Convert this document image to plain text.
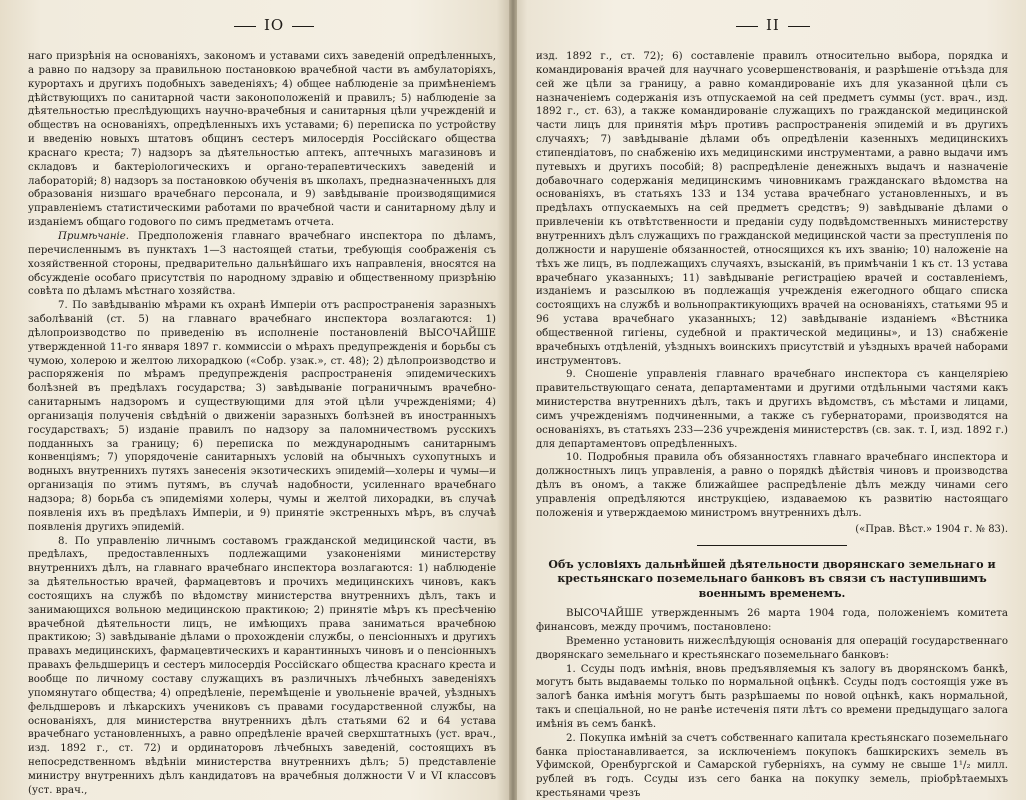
IO

наго призрѣнія на основаніяхъ, закономъ и уставами сихъ заведеній опредѣленныхъ, а равно по надзору за правильною постановкою врачебной части въ амбулаторіяхъ, курортахъ и другихъ подобныхъ заведеніяхъ; 4) общее наблюденіе за примѣненіемъ дѣйствующихъ по санитарной части законоположеній и правилъ; 5) наблюденіе за дѣятельностью преслѣдующихъ научно-врачебныя и санитарныя цѣли учрежденій и обществъ на основаніяхъ, опредѣленныхъ ихъ уставами; 6) переписка по устройству и введенію новыхъ штатовъ общинъ сестеръ милосердія Россійскаго общества краснаго креста; 7) надзоръ за дѣятельностью аптекъ, аптечныхъ магазиновъ и складовъ и бактеріологическихъ и органо-терапевтическихъ заведеній и лабораторій; 8) надзоръ за постановкою обученія въ школахъ, предназначенныхъ для образованія низшаго врачебнаго персонала, и 9) завѣдываніе производящимися управленіемъ статистическими работами по врачебной части и санитарному дѣлу и изданіемъ общаго годового по симъ предметамъ отчета.

Примѣчаніе. Предположенія главнаго врачебнаго инспектора по дѣламъ, перечисленнымъ въ пунктахъ 1—3 настоящей статьи, требующія соображенія съ хозяйственной стороны, предварительно дальнѣйшаго ихъ направленія, вносятся на обсужденіе особаго присутствія по народному здравію и общественному призрѣнію совѣта по дѣламъ мѣстнаго хозяйства.

7. По завѣдыванію мѣрами къ охранѣ Имперіи отъ распространенія заразныхъ заболѣваній (ст. 5) на главнаго врачебнаго инспектора возлагаются: 1) дѣлопроизводство по приведенію въ исполненіе постановленій ВЫСОЧАЙШЕ утвержденной 11-го января 1897 г. коммиссіи о мѣрахъ предупрежденія и борьбы съ чумою, холерою и желтою лихорадкою («Собр. узак.», ст. 48); 2) дѣлопроизводство и распоряженія по мѣрамъ предупрежденія распространенія эпидемическихъ болѣзней въ предѣлахъ государства; 3) завѣдываніе пограничнымъ врачебно-санитарнымъ надзоромъ и существующими для этой цѣли учрежденіями; 4) организація полученія свѣдѣній о движеніи заразныхъ болѣзней въ иностранныхъ государствахъ; 5) изданіе правилъ по надзору за паломничествомъ русскихъ подданныхъ за границу; 6) переписка по международнымъ санитарнымъ конвенціямъ; 7) упорядоченіе санитарныхъ условій на обычныхъ сухопутныхъ и водныхъ внутреннихъ путяхъ занесенія экзотическихъ эпидемій—холеры и чумы—и организація по этимъ путямъ, въ случаѣ надобности, усиленнаго врачебнаго надзора; 8) борьба съ эпидеміями холеры, чумы и желтой лихорадки, въ случаѣ появленія ихъ въ предѣлахъ Имперіи, и 9) принятіе экстренныхъ мѣръ, въ случаѣ появленія другихъ эпидемій.

8. По управленію личнымъ составомъ гражданской медицинской части, въ предѣлахъ, предоставленныхъ подлежащими узаконеніями министерству внутреннихъ дѣлъ, на главнаго врачебнаго инспектора возлагаются: 1) наблюденіе за дѣятельностью врачей, фармацевтовъ и прочихъ медицинскихъ чиновъ, какъ состоящихъ на службѣ по вѣдомству министерства внутреннихъ дѣлъ, такъ и занимающихся вольною медицинскою практикою; 2) принятіе мѣръ къ пресѣченію врачебной дѣятельности лицъ, не имѣющихъ права заниматься врачебною практикою; 3) завѣдываніе дѣлами о прохожденіи службы, о пенсіонныхъ и другихъ правахъ медицинскихъ, фармацевтическихъ и карантинныхъ чиновъ и о пенсіонныхъ правахъ фельдшерицъ и сестеръ милосердія Россійскаго общества краснаго креста и вообще по личному составу служащихъ въ различныхъ лѣчебныхъ заведеніяхъ упомянутаго общества; 4) опредѣленіе, перемѣщеніе и увольненіе врачей, уѣздныхъ фельдшеровъ и лѣкарскихъ учениковъ съ правами государственной службы, на основаніяхъ, для министерства внутреннихъ дѣлъ статьями 62 и 64 устава врачебнаго установленныхъ, а равно опредѣленіе врачей сверхштатныхъ (уст. врач., изд. 1892 г., ст. 72) и ординаторовъ лѣчебныхъ заведеній, состоящихъ въ непосредственномъ вѣдѣніи министерства внутреннихъ дѣлъ; 5) представленіе министру внутреннихъ дѣлъ кандидатовъ на врачебныя должности V и VI классовъ (уст. врач.,

II

изд. 1892 г., ст. 72); 6) составленіе правилъ относительно выбора, порядка и командированія врачей для научнаго усовершенствованія, и разрѣшеніе отъѣзда для сей же цѣли за границу, а равно командированіе ихъ для указанной цѣли съ назначеніемъ содержанія изъ отпускаемой на сей предметъ суммы (уст. врач., изд. 1892 г., ст. 63), а также командированіе служащихъ по гражданской медицинской части лицъ для принятія мѣръ противъ распространенія эпидемій и въ другихъ случаяхъ; 7) завѣдываніе дѣлами объ опредѣленіи казенныхъ медицинскихъ стипендіатовъ, по снабженію ихъ медицинскими инструментами, а равно выдачи имъ путевыхъ и другихъ пособій; 8) распредѣленіе денежныхъ выдачъ и назначеніе добавочнаго содержанія медицинскимъ чиновникамъ гражданскаго вѣдомства на основаніяхъ, въ статьяхъ 133 и 134 устава врачебнаго установленныхъ, и въ предѣлахъ отпускаемыхъ на сей предметъ средствъ; 9) завѣдываніе дѣлами о привлеченіи къ отвѣтственности и преданіи суду подвѣдомственныхъ министерству внутреннихъ дѣлъ служащихъ по гражданской медицинской части за преступленія по должности и нарушеніе обязанностей, относящихся къ ихъ званію; 10) наложеніе на тѣхъ же лицъ, въ подлежащихъ случаяхъ, взысканій, въ примѣчаніи 1 къ ст. 13 устава врачебнаго указанныхъ; 11) завѣдываніе регистраціею врачей и составленіемъ, изданіемъ и разсылкою въ подлежащія учрежденія ежегодного общаго списка состоящихъ на службѣ и вольнопрактикующихъ врачей на основаніяхъ, статьями 95 и 96 устава врачебнаго указанныхъ; 12) завѣдываніе изданіемъ «Вѣстника общественной гигіены, судебной и практической медицины», и 13) снабженіе врачебныхъ отдѣленій, уѣздныхъ воинскихъ присутствій и уѣздныхъ врачей наборами инструментовъ.

9. Сношеніе управленія главнаго врачебнаго инспектора съ канцеляріею правительствующаго сената, департаментами и другими отдѣльными частями какъ министерства внутреннихъ дѣлъ, такъ и другихъ вѣдомствъ, съ мѣстами и лицами, симъ учрежденіямъ подчиненными, а также съ губернаторами, производятся на основаніяхъ, въ статьяхъ 233—236 учрежденія министерствъ (св. зак. т. I, изд. 1892 г.) для департаментовъ опредѣленныхъ.

10. Подробныя правила объ обязанностяхъ главнаго врачебнаго инспектора и должностныхъ лицъ управленія, а равно о порядкѣ дѣйствія чиновъ и производства дѣлъ въ ономъ, а также ближайшее распредѣленіе дѣлъ между чинами сего управленія опредѣляются инструкціею, издаваемою къ развитію настоящаго положенія и утверждаемою министромъ внутреннихъ дѣлъ.

(«Прав. Вѣст.» 1904 г. № 83).
Объ условіяхъ дальнѣйшей дѣятельности дворянскаго земельнаго и крестьянскаго поземельнаго банковъ въ связи съ наступившимъ военнымъ временемъ.

ВЫСОЧАЙШЕ утвержденнымъ 26 марта 1904 года, положеніемъ комитета финансовъ, между прочимъ, постановлено:

Временно установить нижеслѣдующія основанія для операцій государственнаго дворянскаго земельнаго и крестьянскаго поземельнаго банковъ:

1. Ссуды подъ имѣнія, вновь предъявляемыя къ залогу въ дворянскомъ банкѣ, могутъ быть выдаваемы только по нормальной оцѣнкѣ. Ссуды подъ состоящія уже въ залогѣ банка имѣнія могутъ быть разрѣшаемы по новой оцѣнкѣ, какъ нормальной, такъ и спеціальной, но не ранѣе истеченія пяти лѣтъ со времени предыдущаго залога имѣнія въ семъ банкѣ.

2. Покупка имѣній за счетъ собственнаго капитала крестьянскаго поземельнаго банка пріостанавливается, за исключеніемъ покупокъ башкирскихъ земель въ Уфимской, Оренбургской и Самарской губерніяхъ, на сумму не свыше 1¹/₂ милл. рублей въ годъ. Ссуды изъ сего банка на покупку земель, пріобрѣтаемыхъ крестьянами чрезъ
